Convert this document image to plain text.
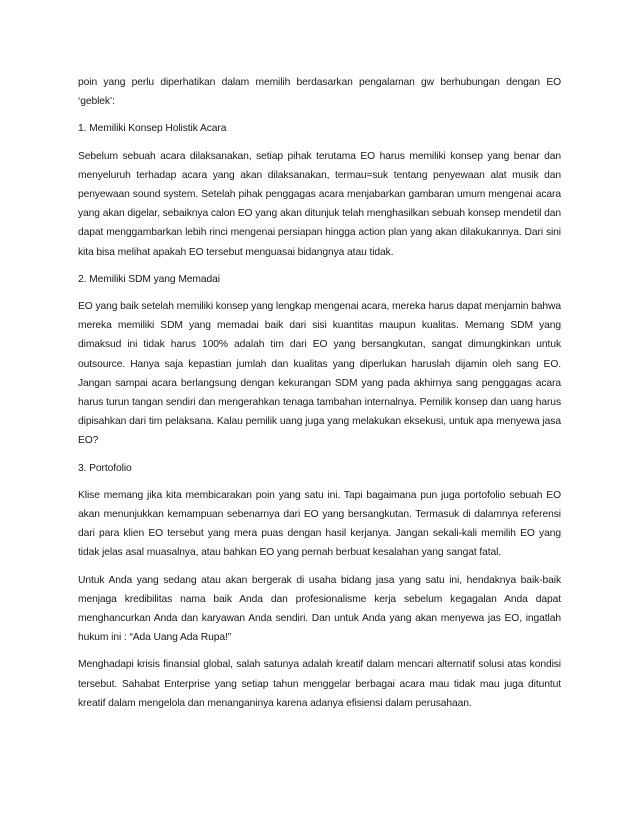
poin yang perlu diperhatikan dalam memilih berdasarkan pengalaman gw berhubungan dengan EO ‘geblek’:

1. Memiliki Konsep Holistik Acara

Sebelum sebuah acara dilaksanakan, setiap pihak terutama EO harus memiliki konsep yang benar dan menyeluruh terhadap acara yang akan dilaksanakan, termau=suk tentang penyewaan alat musik dan penyewaan sound system. Setelah pihak penggagas acara menjabarkan gambaran umum mengenai acara yang akan digelar, sebaiknya calon EO yang akan ditunjuk telah menghasilkan sebuah konsep mendetil dan dapat menggambarkan lebih rinci mengenai persiapan hingga action plan yang akan dilakukannya. Dari sini kita bisa melihat apakah EO tersebut menguasai bidangnya atau tidak.

2. Memiliki SDM yang Memadai

EO yang baik setelah memiliki konsep yang lengkap mengenai acara, mereka harus dapat menjamin bahwa mereka memiliki SDM yang memadai baik dari sisi kuantitas maupun kualitas. Memang SDM yang dimaksud ini tidak harus 100% adalah tim dari EO yang bersangkutan, sangat dimungkinkan untuk outsource. Hanya saja kepastian jumlah dan kualitas yang diperlukan haruslah dijamin oleh sang EO. Jangan sampai acara berlangsung dengan kekurangan SDM yang pada akhirnya sang penggagas acara harus turun tangan sendiri dan mengerahkan tenaga tambahan internalnya. Pemilik konsep dan uang harus dipisahkan dari tim pelaksana. Kalau pemilik uang juga yang melakukan eksekusi, untuk apa menyewa jasa EO?

3. Portofolio

Klise memang jika kita membicarakan poin yang satu ini. Tapi bagaimana pun juga portofolio sebuah EO akan menunjukkan kemampuan sebenarnya dari EO yang bersangkutan. Termasuk di dalamnya referensi dari para klien EO tersebut yang mera puas dengan hasil kerjanya. Jangan sekali-kali memilih EO yang tidak jelas asal muasalnya, atau bahkan EO yang pernah berbuat kesalahan yang sangat fatal.

Untuk Anda yang sedang atau akan bergerak di usaha bidang jasa yang satu ini, hendaknya baik-baik menjaga kredibilitas nama baik Anda dan profesionalisme kerja sebelum kegagalan Anda dapat menghancurkan Anda dan karyawan Anda sendiri. Dan untuk Anda yang akan menyewa jas EO, ingatlah hukum ini : “Ada Uang Ada Rupa!”

Menghadapi krisis finansial global, salah satunya adalah kreatif dalam mencari alternatif solusi atas kondisi tersebut. Sahabat Enterprise yang setiap tahun menggelar berbagai acara mau tidak mau juga dituntut kreatif dalam mengelola dan menanganinya karena adanya efisiensi dalam perusahaan.
